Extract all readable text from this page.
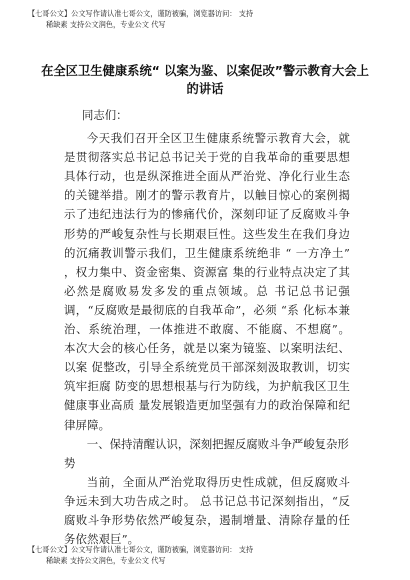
【七哥公文】公文写作请认准七哥公文，谨防被骗，浏览器访问： 支持
稀缺素 支持公文润色，专业公文 代写
在全区卫生健康系统“ 以案为鉴、以案促改”警示教育大会上的讲话

同志们：

今天我们召开全区卫生健康系统警示教育大会，就是贯彻落实总书记总书记关于党的自我革命的重要思想具体行动，也是纵深推进全面从严治党、净化行业生态的关键举措。刚才的警示教育片，以触目惊心的案例揭示了违纪违法行为的惨痛代价，深刻印证了反腐败斗争形势的严峻复杂性与长期艰巨性。这些发生在我们身边的沉痛教训警示我们，卫生健康系统绝非 “ 一方净土” ，权力集中、资金密集、资源富 集的行业特点决定了其必然是腐败易发多发的重点领域。总 书记总书记强调，“反腐败是最彻底的自我革命”，必须 “系 化标本兼治、系统治理，一体推进不敢腐、不能腐、不想腐”。 本次大会的核心任务，就是以案为镜鉴、以案明法纪、 以案 促整改，引导全系统党员干部深刻汲取教训，切实筑牢拒腐 防变的思想根基与行为防线，为护航我区卫生健康事业高质 量发展锻造更加坚强有力的政治保障和纪律屏障。

一、保持清醒认识，深刻把握反腐败斗争严峻复杂形势

当前，全面从严治党取得历史性成就，但反腐败斗争远未到大功告成之时。 总书记总书记深刻指出，“反腐败斗争形势依然严峻复杂，遏制增量、清除存量的任务依然艰巨”。

【七哥公文】公文写作请认准七哥公文，谨防被骗，浏览器访问： 支持
稀缺素 支持公文润色，专业公文 代写
